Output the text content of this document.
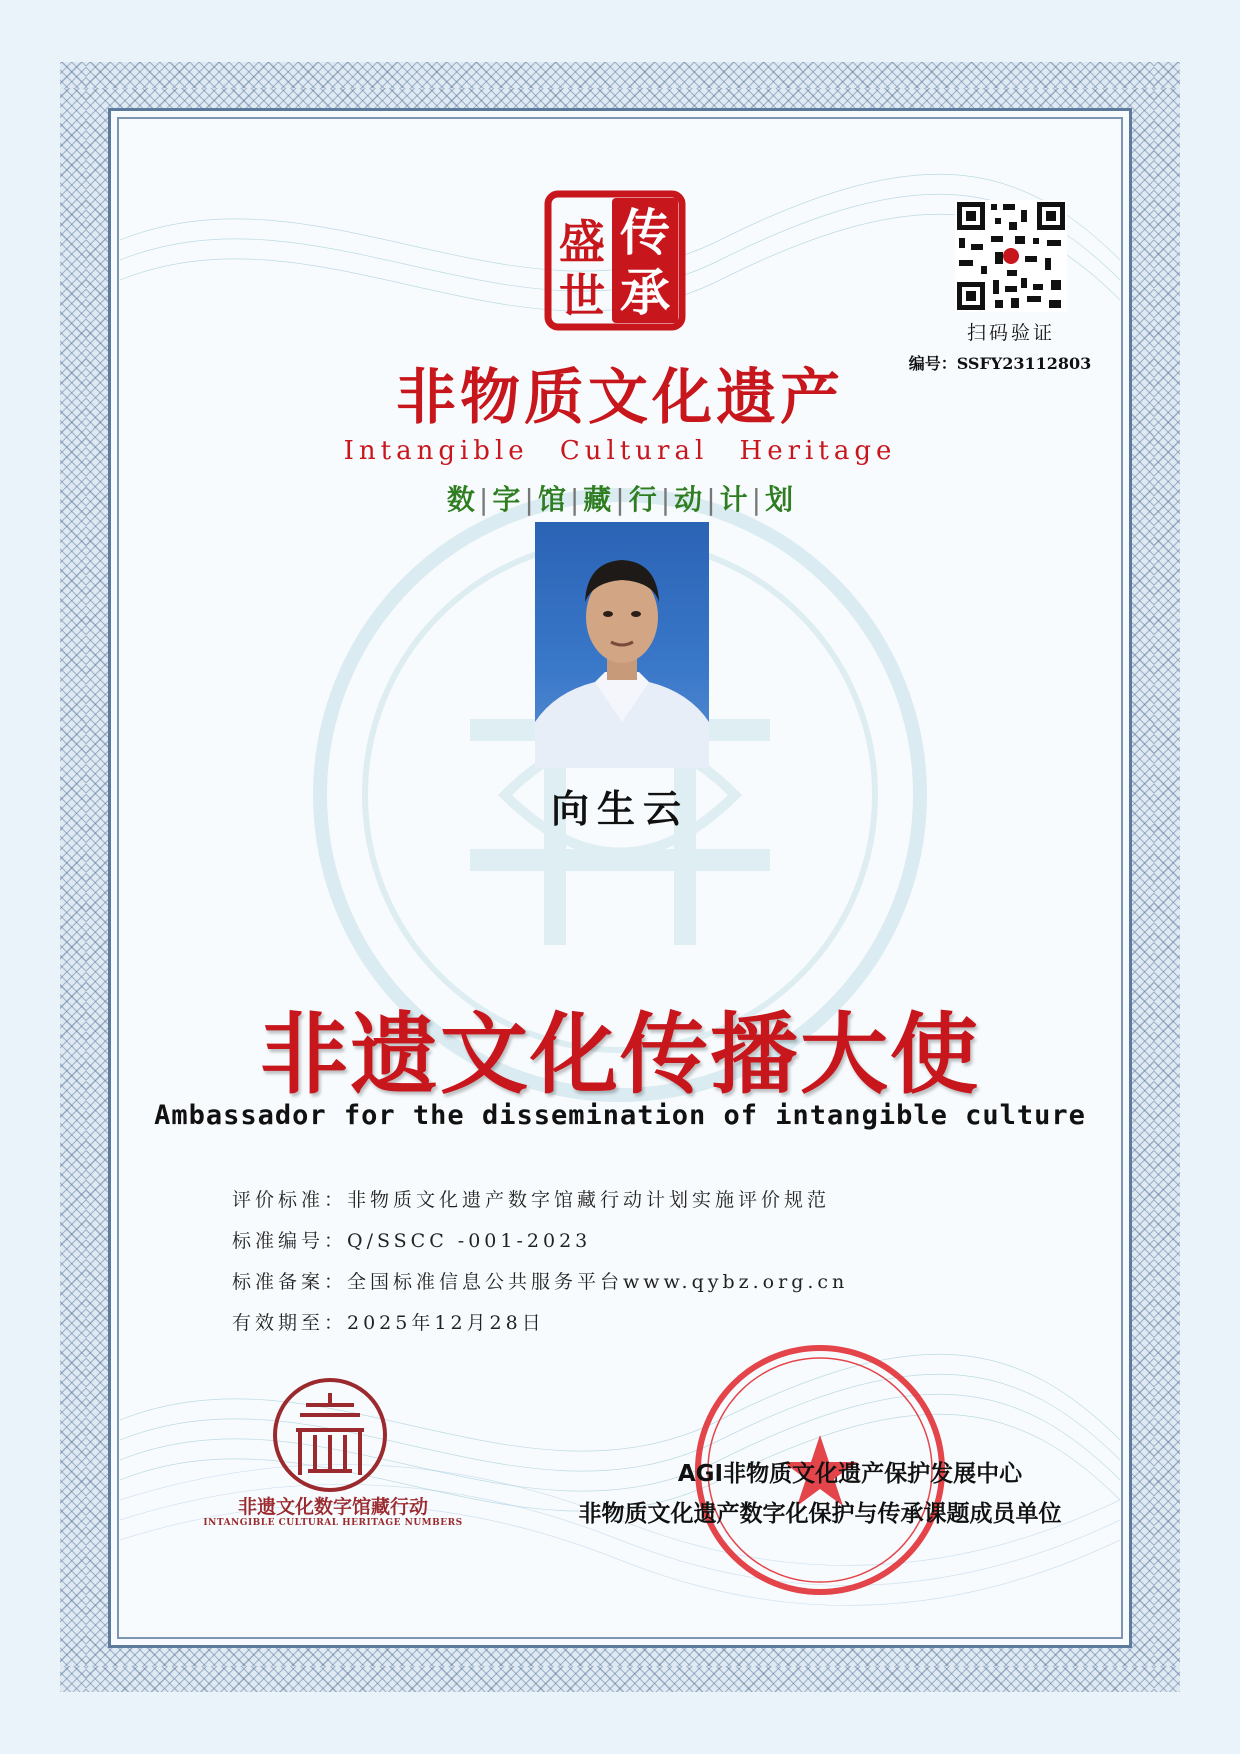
传
盛
承
世
非物质文化遗产
Intangible Cultural Heritage
数 | 字 | 馆 | 藏 | 行 | 动 | 计 | 划
扫码验证
编号：SSFY23112803
向生云
非遗文化传播大使
Ambassador for the dissemination of intangible culture
评价标准：非物质文化遗产数字馆藏行动计划实施评价规范
标准编号：Q/SSCC -001-2023
标准备案：全国标准信息公共服务平台www.qybz.org.cn
有效期至：2025年12月28日
非遗文化数字馆藏行动
INTANGIBLE CULTURAL HERITAGE NUMBERS
AGI非物质文化遗产保护发展中心
非物质文化遗产数字化保护与传承课题成员单位
